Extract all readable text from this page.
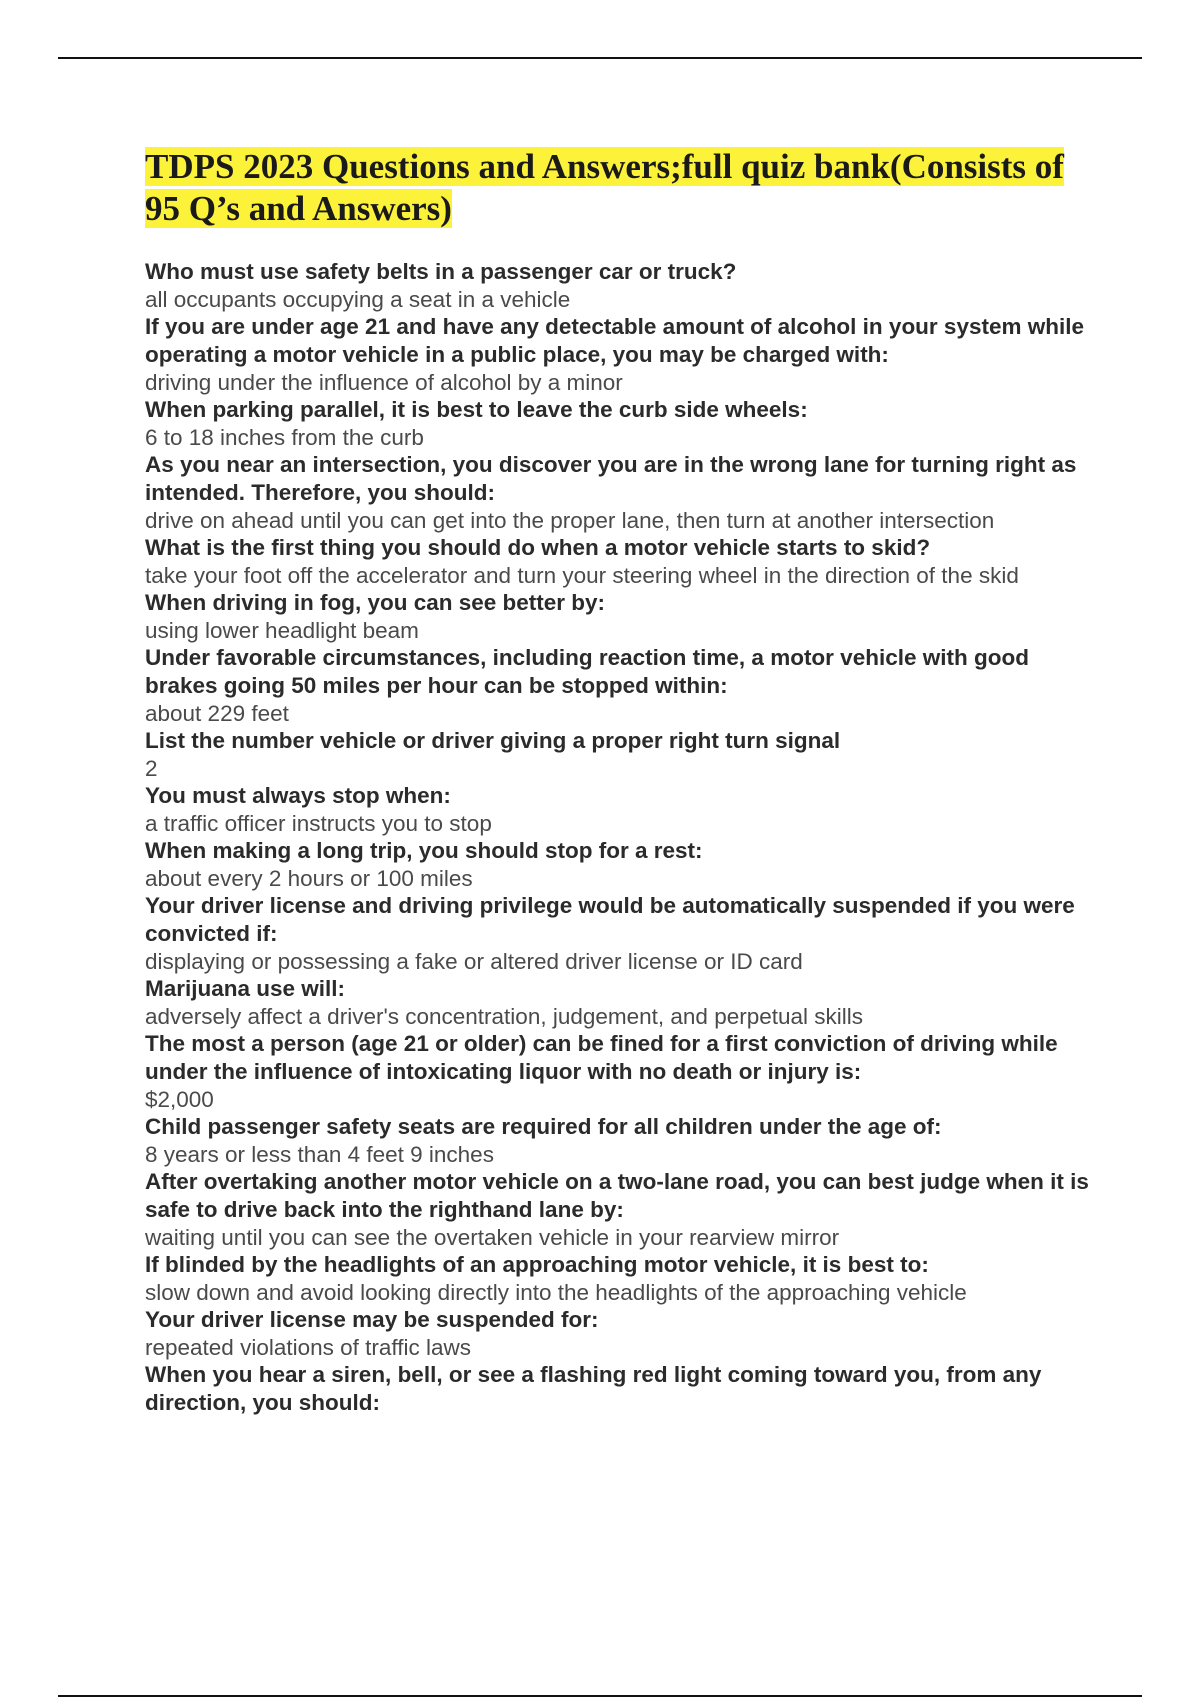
TDPS 2023 Questions and Answers;full quiz bank(Consists of 95 Q’s and Answers)
Who must use safety belts in a passenger car or truck?
all occupants occupying a seat in a vehicle
If you are under age 21 and have any detectable amount of alcohol in your system while operating a motor vehicle in a public place, you may be charged with:
driving under the influence of alcohol by a minor
When parking parallel, it is best to leave the curb side wheels:
6 to 18 inches from the curb
As you near an intersection, you discover you are in the wrong lane for turning right as intended. Therefore, you should:
drive on ahead until you can get into the proper lane, then turn at another intersection
What is the first thing you should do when a motor vehicle starts to skid?
take your foot off the accelerator and turn your steering wheel in the direction of the skid
When driving in fog, you can see better by:
using lower headlight beam
Under favorable circumstances, including reaction time, a motor vehicle with good brakes going 50 miles per hour can be stopped within:
about 229 feet
List the number vehicle or driver giving a proper right turn signal
2
You must always stop when:
a traffic officer instructs you to stop
When making a long trip, you should stop for a rest:
about every 2 hours or 100 miles
Your driver license and driving privilege would be automatically suspended if you were convicted if:
displaying or possessing a fake or altered driver license or ID card
Marijuana use will:
adversely affect a driver's concentration, judgement, and perpetual skills
The most a person (age 21 or older) can be fined for a first conviction of driving while under the influence of intoxicating liquor with no death or injury is:
$2,000
Child passenger safety seats are required for all children under the age of:
8 years or less than 4 feet 9 inches
After overtaking another motor vehicle on a two-lane road, you can best judge when it is safe to drive back into the righthand lane by:
waiting until you can see the overtaken vehicle in your rearview mirror
If blinded by the headlights of an approaching motor vehicle, it is best to:
slow down and avoid looking directly into the headlights of the approaching vehicle
Your driver license may be suspended for:
repeated violations of traffic laws
When you hear a siren, bell, or see a flashing red light coming toward you, from any direction, you should:
